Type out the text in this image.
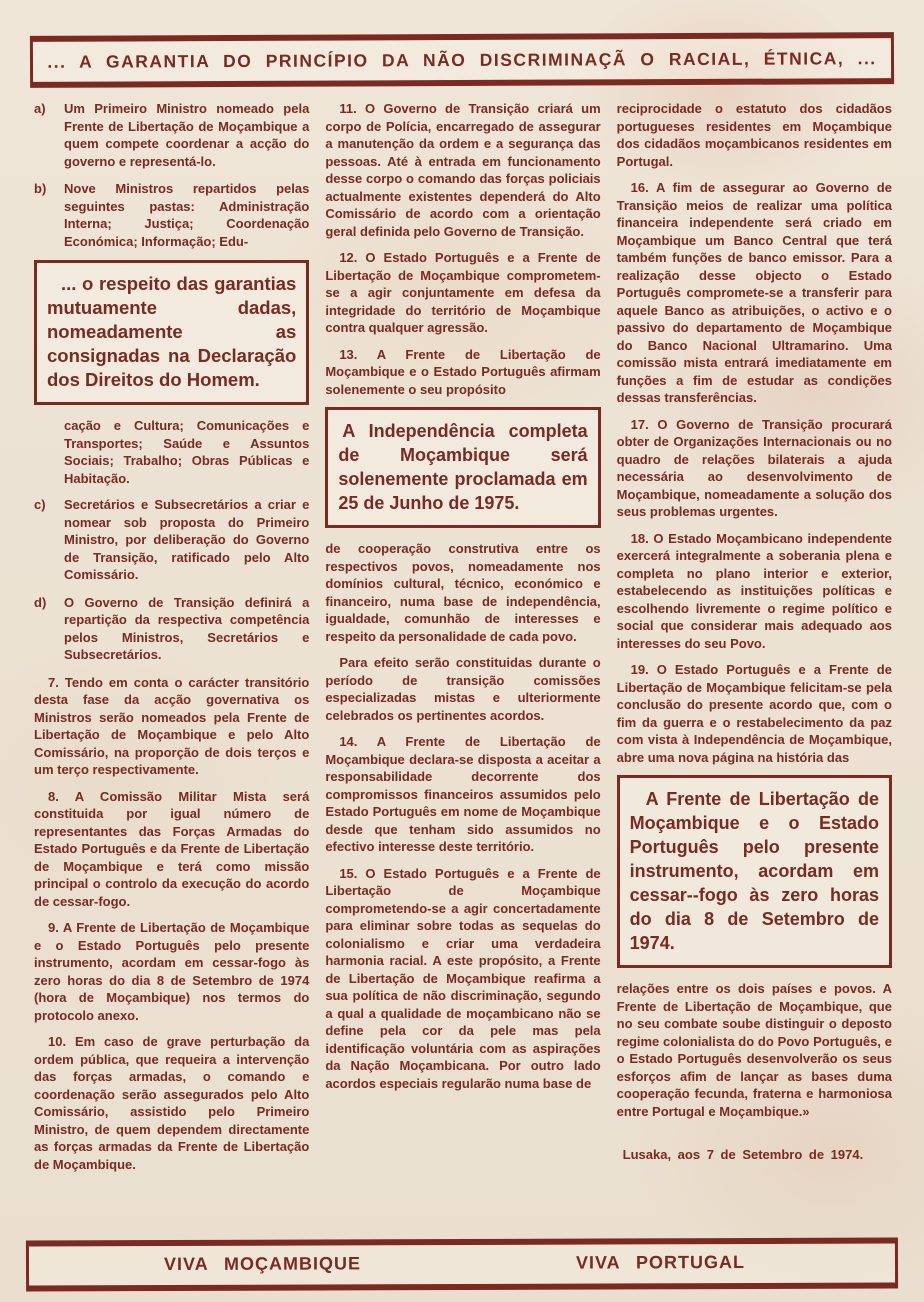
... A GARANTIA DO PRINCÍPIO DA NÃO DISCRIMINAÇÃ O RACIAL, ÉTNICA, ...
a)	Um Primeiro Ministro nomeado pela Frente de Libertação de Moçambique a quem compete coordenar a acção do governo e representá-lo.
b)	Nove Ministros repartidos pelas seguintes pastas: Administração Interna; Justiça; Coordenação Económica; Informação; Edu-
... o respeito das garantias mutuamente dadas, nomeadamente as consignadas na Declaração dos Direitos do Homem.

cação e Cultura; Comunicações e Transportes; Saúde e Assuntos Sociais; Trabalho; Obras Públicas e Habitação.

c)	Secretários e Subsecretários a criar e nomear sob proposta do Primeiro Ministro, por deliberação do Governo de Transição, ratificado pelo Alto Comissário.
d)	O Governo de Transição definirá a repartição da respectiva competência pelos Ministros, Secretários e Subsecretários.

7. Tendo em conta o carácter transitório desta fase da acção governativa os Ministros serão nomeados pela Frente de Libertação de Moçambique e pelo Alto Comissário, na proporção de dois terços e um terço respectivamente.

8. A Comissão Militar Mista será constituida por igual número de representantes das Forças Armadas do Estado Português e da Frente de Libertação de Moçambique e terá como missão principal o controlo da execução do acordo de cessar-fogo.

9. A Frente de Libertação de Moçambique e o Estado Português pelo presente instrumento, acordam em cessar-fogo às zero horas do dia 8 de Setembro de 1974 (hora de Moçambique) nos termos do protocolo anexo.

10. Em caso de grave perturbação da ordem pública, que requeira a intervenção das forças armadas, o comando e coordenação serão assegurados pelo Alto Comissário, assistido pelo Primeiro Ministro, de quem dependem directamente as forças armadas da Frente de Libertação de Moçambique.

11. O Governo de Transição criará um corpo de Polícia, encarregado de assegurar a manutenção da ordem e a segurança das pessoas. Até à entrada em funcionamento desse corpo o comando das forças policiais actualmente existentes dependerá do Alto Comissário de acordo com a orientação geral definida pelo Governo de Transição.

12. O Estado Português e a Frente de Libertação de Moçambique comprometem-se a agir conjuntamente em defesa da integridade do território de Moçambique contra qualquer agressão.

13. A Frente de Libertação de Moçambique e o Estado Português afirmam solenemente o seu propósito

A Independência completa de Moçambique será solenemente proclamada em 25 de Junho de 1975.

de cooperação construtiva entre os respectivos povos, nomeadamente nos domínios cultural, técnico, económico e financeiro, numa base de independência, igualdade, comunhão de interesses e respeito da personalidade de cada povo.

Para efeito serão constituidas durante o período de transição comissões especializadas mistas e ulteriormente celebrados os pertinentes acordos.

14. A Frente de Libertação de Moçambique declara-se disposta a aceitar a responsabilidade decorrente dos compromissos financeiros assumidos pelo Estado Português em nome de Moçambique desde que tenham sido assumidos no efectivo interesse deste território.

15. O Estado Português e a Frente de Libertação de Moçambique comprometendo-se a agir concertadamente para eliminar sobre todas as sequelas do colonialismo e criar uma verdadeira harmonia racial. A este propósito, a Frente de Libertação de Moçambique reafirma a sua política de não discriminação, segundo a qual a qualidade de moçambicano não se define pela cor da pele mas pela identificação voluntária com as aspirações da Nação Moçambicana. Por outro lado acordos especiais regularão numa base de

reciprocidade o estatuto dos cidadãos portugueses residentes em Moçambique dos cidadãos moçambicanos residentes em Portugal.

16. A fim de assegurar ao Governo de Transição meios de realizar uma política financeira independente será criado em Moçambique um Banco Central que terá também funções de banco emissor. Para a realização desse objecto o Estado Português compromete-se a transferir para aquele Banco as atribuições, o activo e o passivo do departamento de Moçambique do Banco Nacional Ultramarino. Uma comissão mista entrará imediatamente em funções a fim de estudar as condições dessas transferências.

17. O Governo de Transição procurará obter de Organizações Internacionais ou no quadro de relações bilaterais a ajuda necessária ao desenvolvimento de Moçambique, nomeadamente a solução dos seus problemas urgentes.

18. O Estado Moçambicano independente exercerá integralmente a soberania plena e completa no plano interior e exterior, estabelecendo as instituições políticas e escolhendo livremente o regime político e social que considerar mais adequado aos interesses do seu Povo.

19. O Estado Português e a Frente de Libertação de Moçambique felicitam-se pela conclusão do presente acordo que, com o fim da guerra e o restabelecimento da paz com vista à Independência de Moçambique, abre uma nova página na história das

A Frente de Libertação de Moçambique e o Estado Português pelo presente instrumento, acordam em cessar--fogo às zero horas do dia 8 de Setembro de 1974.

relações entre os dois países e povos. A Frente de Libertação de Moçambique, que no seu combate soube distinguir o deposto regime colonialista do do Povo Português, e o Estado Português desenvolverão os seus esforços afim de lançar as bases duma cooperação fecunda, fraterna e harmoniosa entre Portugal e Moçambique.»

Lusaka, aos 7 de Setembro de 1974.

VIVA MOÇAMBIQUE	VIVA PORTUGAL
